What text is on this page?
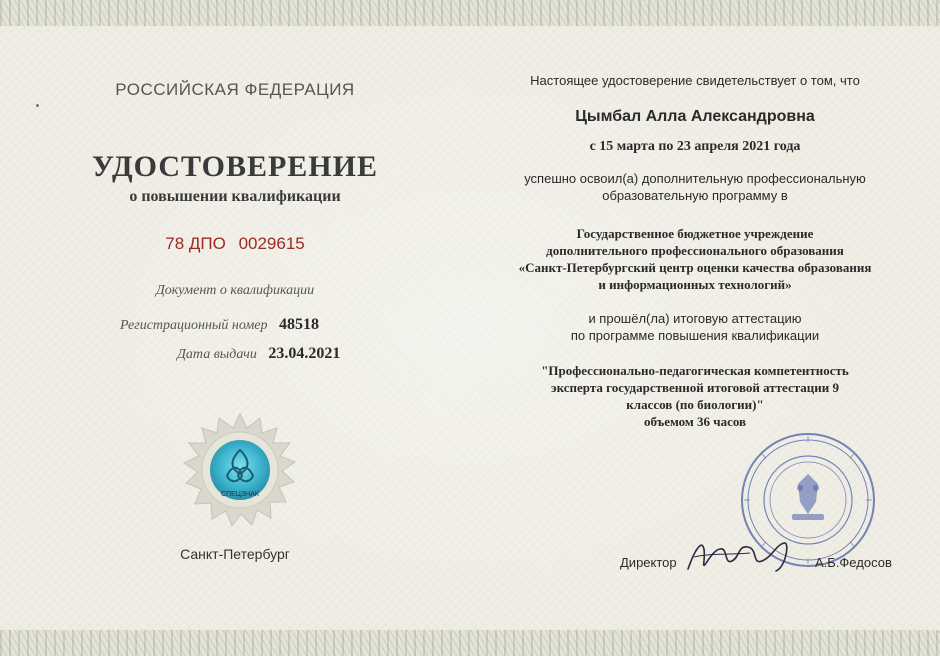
РОССИЙСКАЯ ФЕДЕРАЦИЯ
УДОСТОВЕРЕНИЕ
о повышении квалификации
78 ДПО 0029615
Документ о квалификации
Регистрационный номер 48518
Дата выдачи 23.04.2021
СПЕЦЗНАК
Санкт-Петербург
Настоящее удостоверение свидетельствует о том, что
Цымбал Алла Александровна
с 15 марта по 23 апреля 2021 года
успешно освоил(а) дополнительную профессиональную
образовательную программу в
Государственное бюджетное учреждение
дополнительного профессионального образования
«Санкт-Петербургский центр оценки качества образования
и информационных технологий»
и прошёл(ла) итоговую аттестацию
по программе повышения квалификации
"Профессионально-педагогическая компетентность
эксперта государственной итоговой аттестации 9
классов (по биологии)"
объемом 36 часов
Директор	А.Б.Федосов
